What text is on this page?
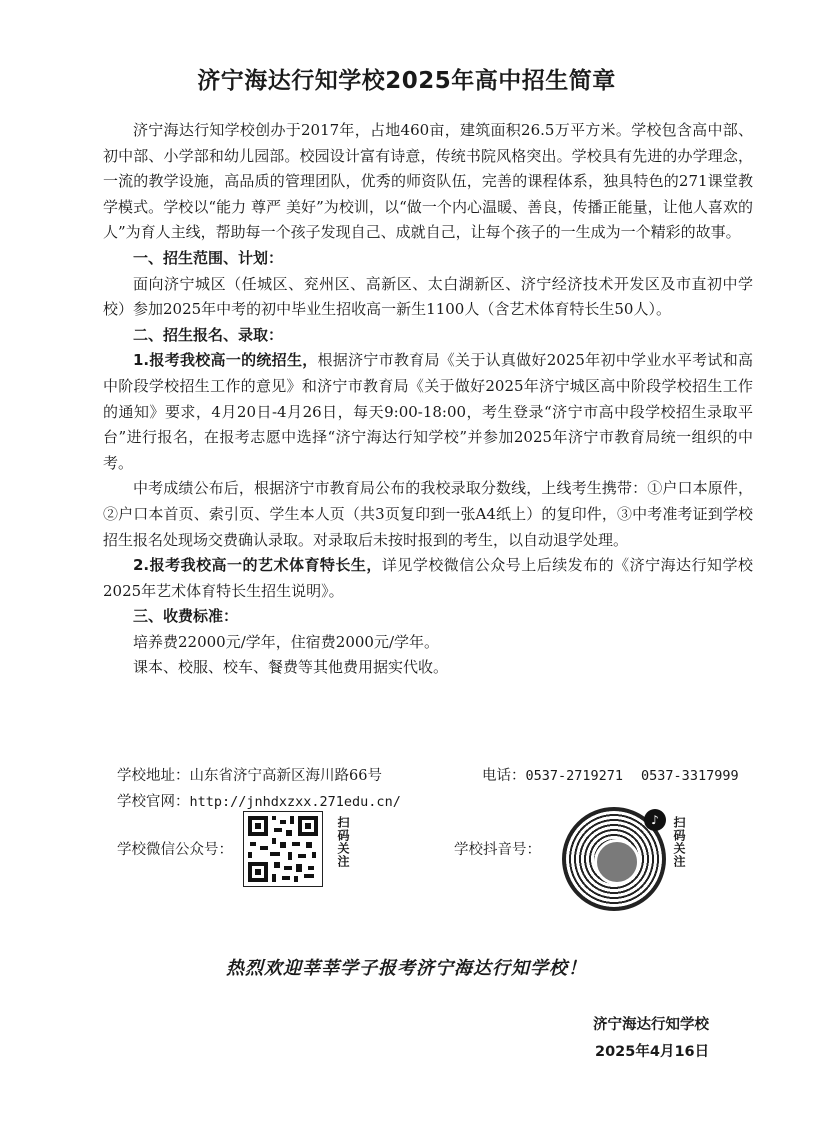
济宁海达行知学校2025年高中招生简章

济宁海达行知学校创办于2017年，占地460亩，建筑面积26.5万平方米。学校包含高中部、初中部、小学部和幼儿园部。校园设计富有诗意，传统书院风格突出。学校具有先进的办学理念，一流的教学设施，高品质的管理团队，优秀的师资队伍，完善的课程体系，独具特色的271课堂教学模式。学校以“能力 尊严 美好”为校训，以“做一个内心温暖、善良，传播正能量，让他人喜欢的人”为育人主线，帮助每一个孩子发现自己、成就自己，让每个孩子的一生成为一个精彩的故事。

一、招生范围、计划：

面向济宁城区（任城区、兖州区、高新区、太白湖新区、济宁经济技术开发区及市直初中学校）参加2025年中考的初中毕业生招收高一新生1100人（含艺术体育特长生50人）。

二、招生报名、录取：

1.报考我校高一的统招生，根据济宁市教育局《关于认真做好2025年初中学业水平考试和高中阶段学校招生工作的意见》和济宁市教育局《关于做好2025年济宁城区高中阶段学校招生工作的通知》要求，4月20日-4月26日，每天9:00-18:00，考生登录“济宁市高中段学校招生录取平台”进行报名，在报考志愿中选择“济宁海达行知学校”并参加2025年济宁市教育局统一组织的中考。

中考成绩公布后，根据济宁市教育局公布的我校录取分数线，上线考生携带：①户口本原件，②户口本首页、索引页、学生本人页（共3页复印到一张A4纸上）的复印件，③中考准考证到学校招生报名处现场交费确认录取。对录取后未按时报到的考生，以自动退学处理。

2.报考我校高一的艺术体育特长生，详见学校微信公众号上后续发布的《济宁海达行知学校2025年艺术体育特长生招生说明》。

三、收费标准：

培养费22000元/学年，住宿费2000元/学年。

课本、校服、校车、餐费等其他费用据实代收。

学校地址：山东省济宁高新区海川路66号	电话：0537-2719271 0537-3317999
学校官网：http://jnhdxzxx.271edu.cn/
学校微信公众号：	扫码关注	学校抖音号：
♪	扫码关注
热烈欢迎莘莘学子报考济宁海达行知学校！
济宁海达行知学校
2025年4月16日
